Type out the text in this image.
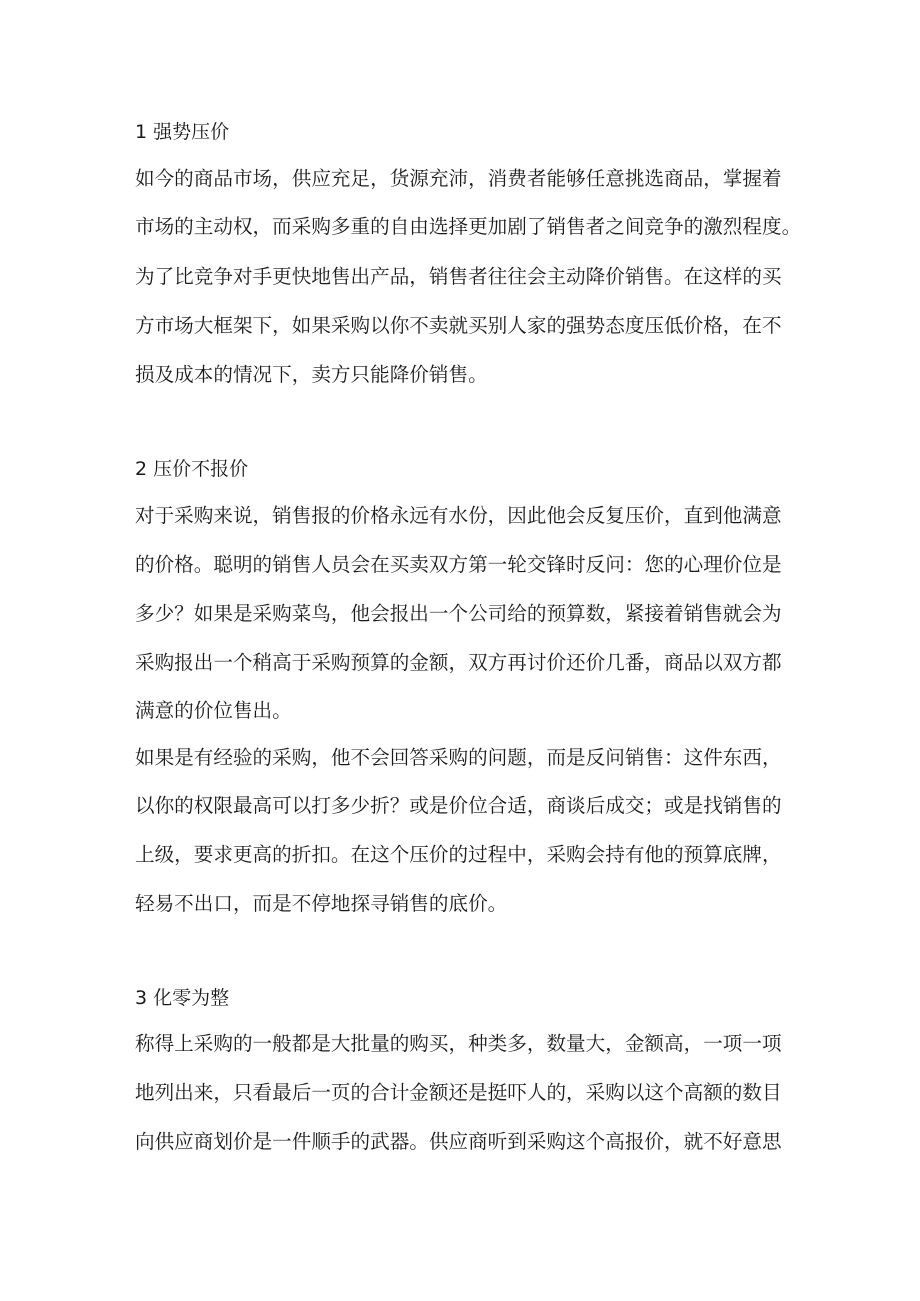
1 强势压价
如今的商品市场，供应充足，货源充沛，消费者能够任意挑选商品，掌握着
市场的主动权，而采购多重的自由选择更加剧了销售者之间竞争的激烈程度。
为了比竞争对手更快地售出产品，销售者往往会主动降价销售。在这样的买
方市场大框架下，如果采购以你不卖就买别人家的强势态度压低价格，在不
损及成本的情况下，卖方只能降价销售。
2 压价不报价
对于采购来说，销售报的价格永远有水份，因此他会反复压价，直到他满意
的价格。聪明的销售人员会在买卖双方第一轮交锋时反问：您的心理价位是
多少？如果是采购菜鸟，他会报出一个公司给的预算数，紧接着销售就会为
采购报出一个稍高于采购预算的金额，双方再讨价还价几番，商品以双方都
满意的价位售出。
如果是有经验的采购，他不会回答采购的问题，而是反问销售：这件东西，
以你的权限最高可以打多少折？或是价位合适，商谈后成交；或是找销售的
上级，要求更高的折扣。在这个压价的过程中，采购会持有他的预算底牌，
轻易不出口，而是不停地探寻销售的底价。
3 化零为整
称得上采购的一般都是大批量的购买，种类多，数量大，金额高，一项一项
地列出来，只看最后一页的合计金额还是挺吓人的，采购以这个高额的数目
向供应商划价是一件顺手的武器。供应商听到采购这个高报价，就不好意思
